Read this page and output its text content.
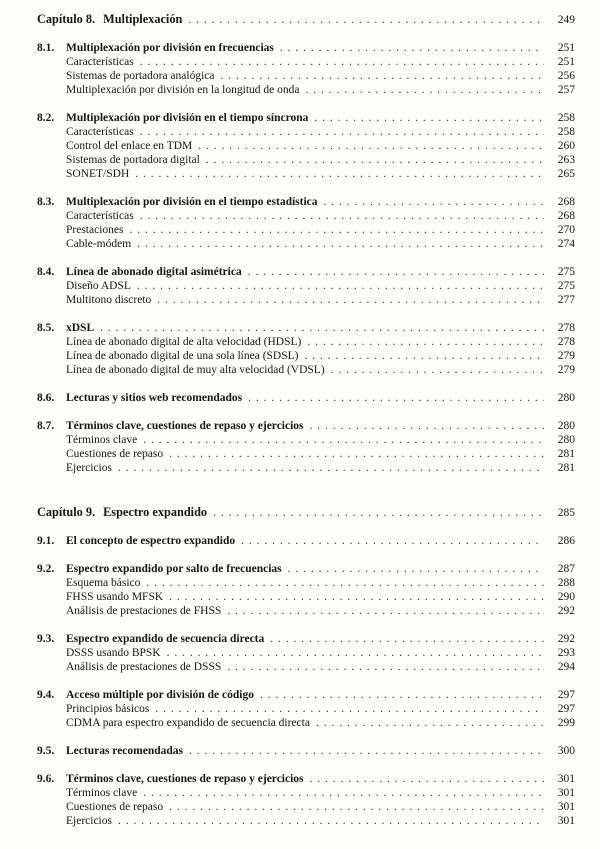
Capítulo 8. Multiplexación . . .	249
8.1.	Multiplexación por división en frecuencias . . .	251
Características . . .	251
Sistemas de portadora analógica . . .	256
Multiplexación por división en la longitud de onda . . .	257
8.2.	Multiplexación por división en el tiempo síncrona . . .	258
Características . . .	258
Control del enlace en TDM . . .	260
Sistemas de portadora digital . . .	263
SONET/SDH . . .	265
8.3.	Multiplexación por división en el tiempo estadística . . .	268
Características . . .	268
Prestaciones . . .	270
Cable-módem . . .	274
8.4.	Línea de abonado digital asimétrica . . .	275
Diseño ADSL . . .	275
Multitono discreto . . .	277
8.5.	xDSL . . .	278
Línea de abonado digital de alta velocidad (HDSL) . . .	278
Línea de abonado digital de una sola línea (SDSL) . . .	279
Línea de abonado digital de muy alta velocidad (VDSL) . . .	279
8.6.	Lecturas y sitios web recomendados . . .	280
8.7.	Términos clave, cuestiones de repaso y ejercicios . . .	280
Términos clave . . .	280
Cuestiones de repaso . . .	281
Ejercicios . . .	281
Capítulo 9. Espectro expandido . . .	285
9.1.	El concepto de espectro expandido . . .	286
9.2.	Espectro expandido por salto de frecuencias . . .	287
Esquema básico . . .	288
FHSS usando MFSK . . .	290
Análisis de prestaciones de FHSS . . .	292
9.3.	Espectro expandido de secuencia directa . . .	292
DSSS usando BPSK . . .	293
Análisis de prestaciones de DSSS . . .	294
9.4.	Acceso múltiple por división de código . . .	297
Principios básicos . . .	297
CDMA para espectro expandido de secuencia directa . . .	299
9.5.	Lecturas recomendadas . . .	300
9.6.	Términos clave, cuestiones de repaso y ejercicios . . .	301
Términos clave . . .	301
Cuestiones de repaso . . .	301
Ejercicios . . .	301
